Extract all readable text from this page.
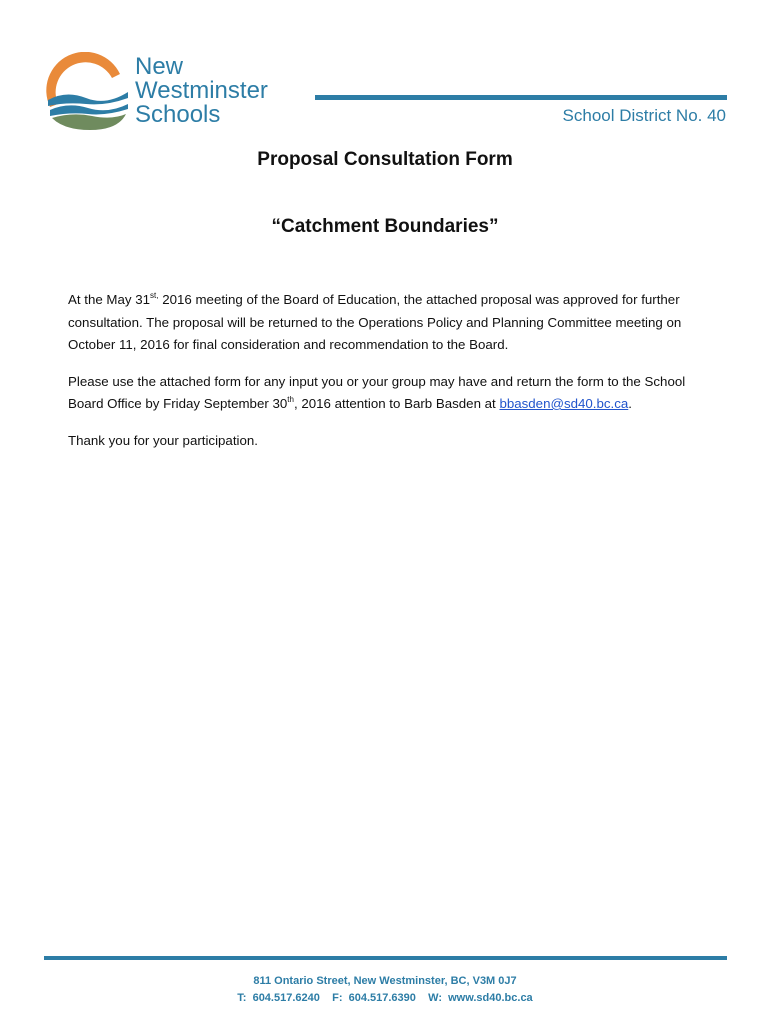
New
Westminster
Schools	School District No. 40
Proposal Consultation Form
“Catchment Boundaries”

At the May $31^{st,}$ 2016 meeting of the Board of Education, the attached proposal was approved for further consultation. The proposal will be returned to the Operations Policy and Planning Committee meeting on October 11, 2016 for final consideration and recommendation to the Board.

Please use the attached form for any input you or your group may have and return the form to the School Board Office by Friday September 30th, 2016 attention to Barb Basden at bbasden@sd40.bc.ca.

Thank you for your participation.

811 Ontario Street, New Westminster, BC, V3M 0J7
T:  604.517.6240 F:  604.517.6390 W:  www.sd40.bc.ca
